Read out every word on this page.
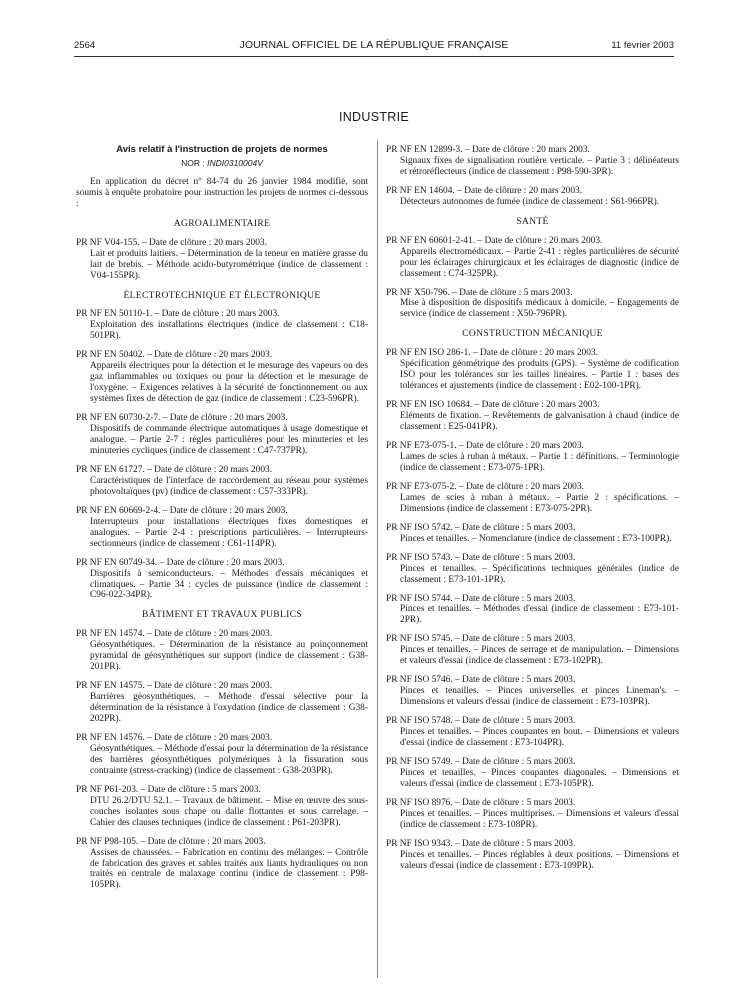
2564	JOURNAL OFFICIEL DE LA RÉPUBLIQUE FRANÇAISE	11 février 2003
INDUSTRIE

Avis relatif à l'instruction de projets de normes

NOR : INDI0310004V

En application du décret n° 84-74 du 26 janvier 1984 modifié, sont soumis à enquête probatoire pour instruction les projets de normes ci-dessous :

AGROALIMENTAIRE

PR NF V04-155. – Date de clôture : 20 mars 2003.

Lait et produits laitiers. – Détermination de la teneur en matière grasse du lait de brebis. – Méthode acido-butyrométrique (indice de classement : V04-155PR).

ÉLECTROTECHNIQUE ET ÉLECTRONIQUE

PR NF EN 50110-1. – Date de clôture : 20 mars 2003.

Exploitation des installations électriques (indice de classement : C18-501PR).

PR NF EN 50402. – Date de clôture : 20 mars 2003.

Appareils électriques pour la détection et le mesurage des vapeurs ou des gaz inflammables ou toxiques ou pour la détection et le mesurage de l'oxygène. – Exigences relatives à la sécurité de fonctionnement ou aux systèmes fixes de détection de gaz (indice de classement : C23-596PR).

PR NF EN 60730-2-7. – Date de clôture : 20 mars 2003.

Dispositifs de commande électrique automatiques à usage domestique et analogue. – Partie 2-7 : règles particulières pour les minuteries et les minuteries cycliques (indice de classement : C47-737PR).

PR NF EN 61727. – Date de clôture : 20 mars 2003.

Caractéristiques de l'interface de raccordement au réseau pour systèmes photovoltaïques (pv) (indice de classement : C57-333PR).

PR NF EN 60669-2-4. – Date de clôture : 20 mars 2003.

Interrupteurs pour installations électriques fixes domestiques et analogues. – Partie 2-4 : prescriptions particulières. – Interrupteurs-sectionneurs (indice de classement : C61-114PR).

PR NF EN 60749-34. – Date de clôture : 20 mars 2003.

Dispositifs à semiconducteurs. – Méthodes d'essais mécaniques et climatiques. – Partie 34 : cycles de puissance (indice de classement : C96-022-34PR).

BÂTIMENT ET TRAVAUX PUBLICS

PR NF EN 14574. – Date de clôture : 20 mars 2003.

Géosynthétiques. – Détermination de la résistance au poinçonnement pyramidal de géosynthétiques sur support (indice de classement : G38-201PR).

PR NF EN 14575. – Date de clôture : 20 mars 2003.

Barrières géosynthétiques. – Méthode d'essai sélective pour la détermination de la résistance à l'oxydation (indice de classement : G38-202PR).

PR NF EN 14576. – Date de clôture : 20 mars 2003.

Géosynthétiques. – Méthode d'essai pour la détermination de la résistance des barrières géosynthétiques polymériques à la fissuration sous contrainte (stress-cracking) (indice de classement : G38-203PR).

PR NF P61-203. – Date de clôture : 5 mars 2003.

DTU 26.2/DTU 52.1. – Travaux de bâtiment. – Mise en œuvre des sous-couches isolantes sous chape ou dalle flottantes et sous carrelage. – Cahier des clauses techniques (indice de classement : P61-203PR).

PR NF P98-105. – Date de clôture : 20 mars 2003.

Assises de chaussées. – Fabrication en continu des mélanges. – Contrôle de fabrication des graves et sables traités aux liants hydrauliques ou non traités en centrale de malaxage continu (indice de classement : P98-105PR).

PR NF EN 12899-3. – Date de clôture : 20 mars 2003.

Signaux fixes de signalisation routière verticale. – Partie 3 : délinéateurs et rétroréflecteurs (indice de classement : P98-590-3PR).

PR NF EN 14604. – Date de clôture : 20 mars 2003.

Détecteurs autonomes de fumée (indice de classement : S61-966PR).

SANTÉ

PR NF EN 60601-2-41. – Date de clôture : 20 mars 2003.

Appareils électromédicaux. – Partie 2-41 : règles particulières de sécurité pour les éclairages chirurgicaux et les éclairages de diagnostic (indice de classement : C74-325PR).

PR NF X50-796. – Date de clôture : 5 mars 2003.

Mise à disposition de dispositifs médicaux à domicile. – Engagements de service (indice de classement : X50-796PR).

CONSTRUCTION MÉCANIQUE

PR NF EN ISO 286-1. – Date de clôture : 20 mars 2003.

Spécification géométrique des produits (GPS). – Système de codification ISO pour les tolérances sur les tailles linéaires. – Partie 1 : bases des tolérances et ajustements (indice de classement : E02-100-1PR).

PR NF EN ISO 10684. – Date de clôture : 20 mars 2003.

Eléments de fixation. – Revêtements de galvanisation à chaud (indice de classement : E25-041PR).

PR NF E73-075-1. – Date de clôture : 20 mars 2003.

Lames de scies à ruban à métaux. – Partie 1 : définitions. – Terminologie (indice de classement : E73-075-1PR).

PR NF E73-075-2. – Date de clôture : 20 mars 2003.

Lames de scies à ruban à métaux. – Partie 2 : spécifications. – Dimensions (indice de classement : E73-075-2PR).

PR NF ISO 5742. – Date de clôture : 5 mars 2003.

Pinces et tenailles. – Nomenclature (indice de classement : E73-100PR).

PR NF ISO 5743. – Date de clôture : 5 mars 2003.

Pinces et tenailles. – Spécifications techniques générales (indice de classement : E73-101-1PR).

PR NF ISO 5744. – Date de clôture : 5 mars 2003.

Pinces et tenailles. – Méthodes d'essai (indice de classement : E73-101-2PR).

PR NF ISO 5745. – Date de clôture : 5 mars 2003.

Pinces et tenailles. – Pinces de serrage et de manipulation. – Dimensions et valeurs d'essai (indice de classement : E73-102PR).

PR NF ISO 5746. – Date de clôture : 5 mars 2003.

Pinces et tenailles. – Pinces universelles et pinces Lineman's. – Dimensions et valeurs d'essai (indice de classement : E73-103PR).

PR NF ISO 5748. – Date de clôture : 5 mars 2003.

Pinces et tenailles. – Pinces coupantes en bout. – Dimensions et valeurs d'essai (indice de classement : E73-104PR).

PR NF ISO 5749. – Date de clôture : 5 mars 2003.

Pinces et tenailles. – Pinces coupantes diagonales. – Dimensions et valeurs d'essai (indice de classement : E73-105PR).

PR NF ISO 8976. – Date de clôture : 5 mars 2003.

Pinces et tenailles. – Pinces multiprises. – Dimensions et valeurs d'essai (indice de classement : E73-108PR).

PR NF ISO 9343. – Date de clôture : 5 mars 2003.

Pinces et tenailles. – Pinces réglables à deux positions. – Dimensions et valeurs d'essai (indice de classement : E73-109PR).
